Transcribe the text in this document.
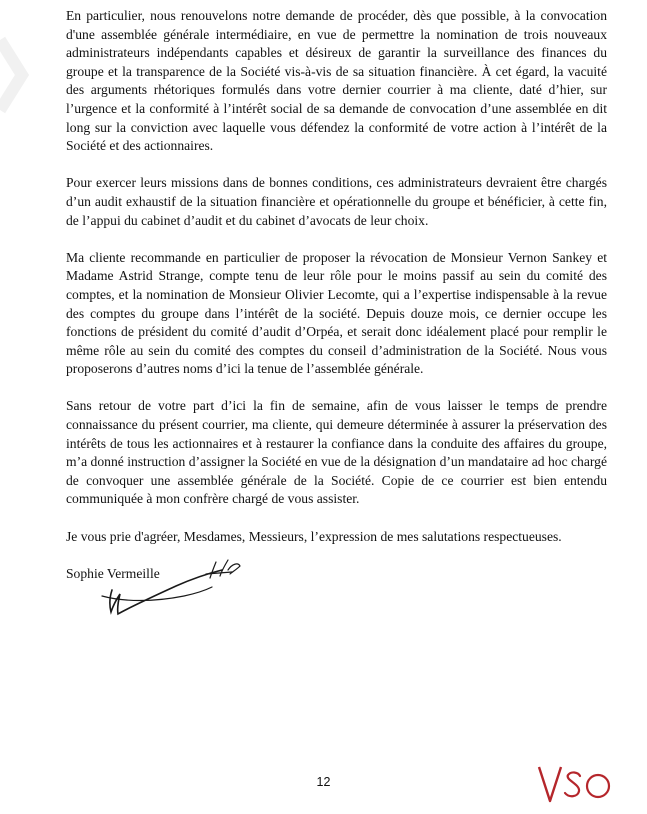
En particulier, nous renouvelons notre demande de procéder, dès que possible, à la convocation d'une assemblée générale intermédiaire, en vue de permettre la nomination de trois nouveaux administrateurs indépendants capables et désireux de garantir la surveillance des finances du groupe et la transparence de la Société vis-à-vis de sa situation financière. À cet égard, la vacuité des arguments rhétoriques formulés dans votre dernier courrier à ma cliente, daté d’hier, sur l’urgence et la conformité à l’intérêt social de sa demande de convocation d’une assemblée en dit long sur la conviction avec laquelle vous défendez la conformité de votre action à l’intérêt de la Société et des actionnaires.

Pour exercer leurs missions dans de bonnes conditions, ces administrateurs devraient être chargés d’un audit exhaustif de la situation financière et opérationnelle du groupe et bénéficier, à cette fin, de l’appui du cabinet d’audit et du cabinet d’avocats de leur choix.

Ma cliente recommande en particulier de proposer la révocation de Monsieur Vernon Sankey et Madame Astrid Strange, compte tenu de leur rôle pour le moins passif au sein du comité des comptes, et la nomination de Monsieur Olivier Lecomte, qui a l’expertise indispensable à la revue des comptes du groupe dans l’intérêt de la société. Depuis douze mois, ce dernier occupe les fonctions de président du comité d’audit d’Orpéa, et serait donc idéalement placé pour remplir le même rôle au sein du comité des comptes du conseil d’administration de la Société. Nous vous proposerons d’autres noms d’ici la tenue de l’assemblée générale.

Sans retour de votre part d’ici la fin de semaine, afin de vous laisser le temps de prendre connaissance du présent courrier, ma cliente, qui demeure déterminée à assurer la préservation des intérêts de tous les actionnaires et à restaurer la confiance dans la conduite des affaires du groupe, m’a donné instruction d’assigner la Société en vue de la désignation d’un mandataire ad hoc chargé de convoquer une assemblée générale de la Société. Copie de ce courrier est bien entendu communiquée à mon confrère chargé de vous assister.

Je vous prie d'agréer, Mesdames, Messieurs, l’expression de mes salutations respectueuses.

Sophie Vermeille

12
